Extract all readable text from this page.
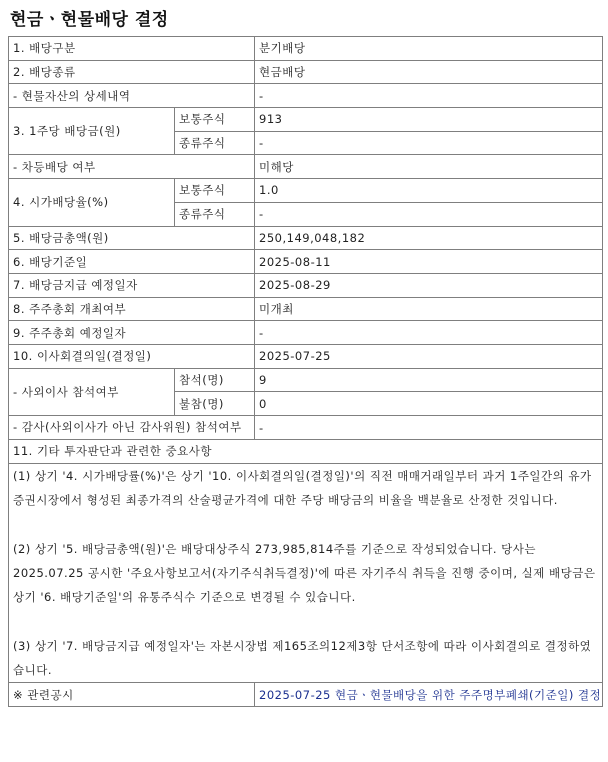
현금ㆍ현물배당 결정
1. 배당구분		분기배당
2. 배당종류		현금배당
- 현물자산의 상세내역		-
3. 1주당 배당금(원)	보통주식	913
	종류주식	-
- 차등배당 여부		미해당
4. 시가배당율(%)	보통주식	1.0
	종류주식	-
5. 배당금총액(원)		250,149,048,182
6. 배당기준일		2025-08-11
7. 배당금지급 예정일자		2025-08-29
8. 주주총회 개최여부		미개최
9. 주주총회 예정일자		-
10. 이사회결의일(결정일)		2025-07-25
- 사외이사 참석여부	참석(명)	9
	불참(명)	0
- 감사(사외이사가 아닌 감사위원) 참석여부		-
11. 기타 투자판단과 관련한 중요사항		
(1) 상기 '4. 시가배당률(%)'은 상기 '10. 이사회결의일(결정일)'의 직전 매매거래일부터 과거 1주일간의 유가증권시장에서 형성된 최종가격의 산술평균가격에 대한 주당 배당금의 비율을 백분율로 산정한 것입니다.

(2) 상기 '5. 배당금총액(원)'은 배당대상주식 273,985,814주를 기준으로 작성되었습니다. 당사는 2025.07.25 공시한 '주요사항보고서(자기주식취득결정)'에 따른 자기주식 취득을 진행 중이며, 실제 배당금은 상기 '6. 배당기준일'의 유통주식수 기준으로 변경될 수 있습니다.

(3) 상기 '7. 배당금지급 예정일자'는 자본시장법 제165조의12제3항 단서조항에 따라 이사회결의로 결정하였습니다.		
※ 관련공시		2025-07-25 현금ㆍ현물배당을 위한 주주명부폐쇄(기준일) 결정
